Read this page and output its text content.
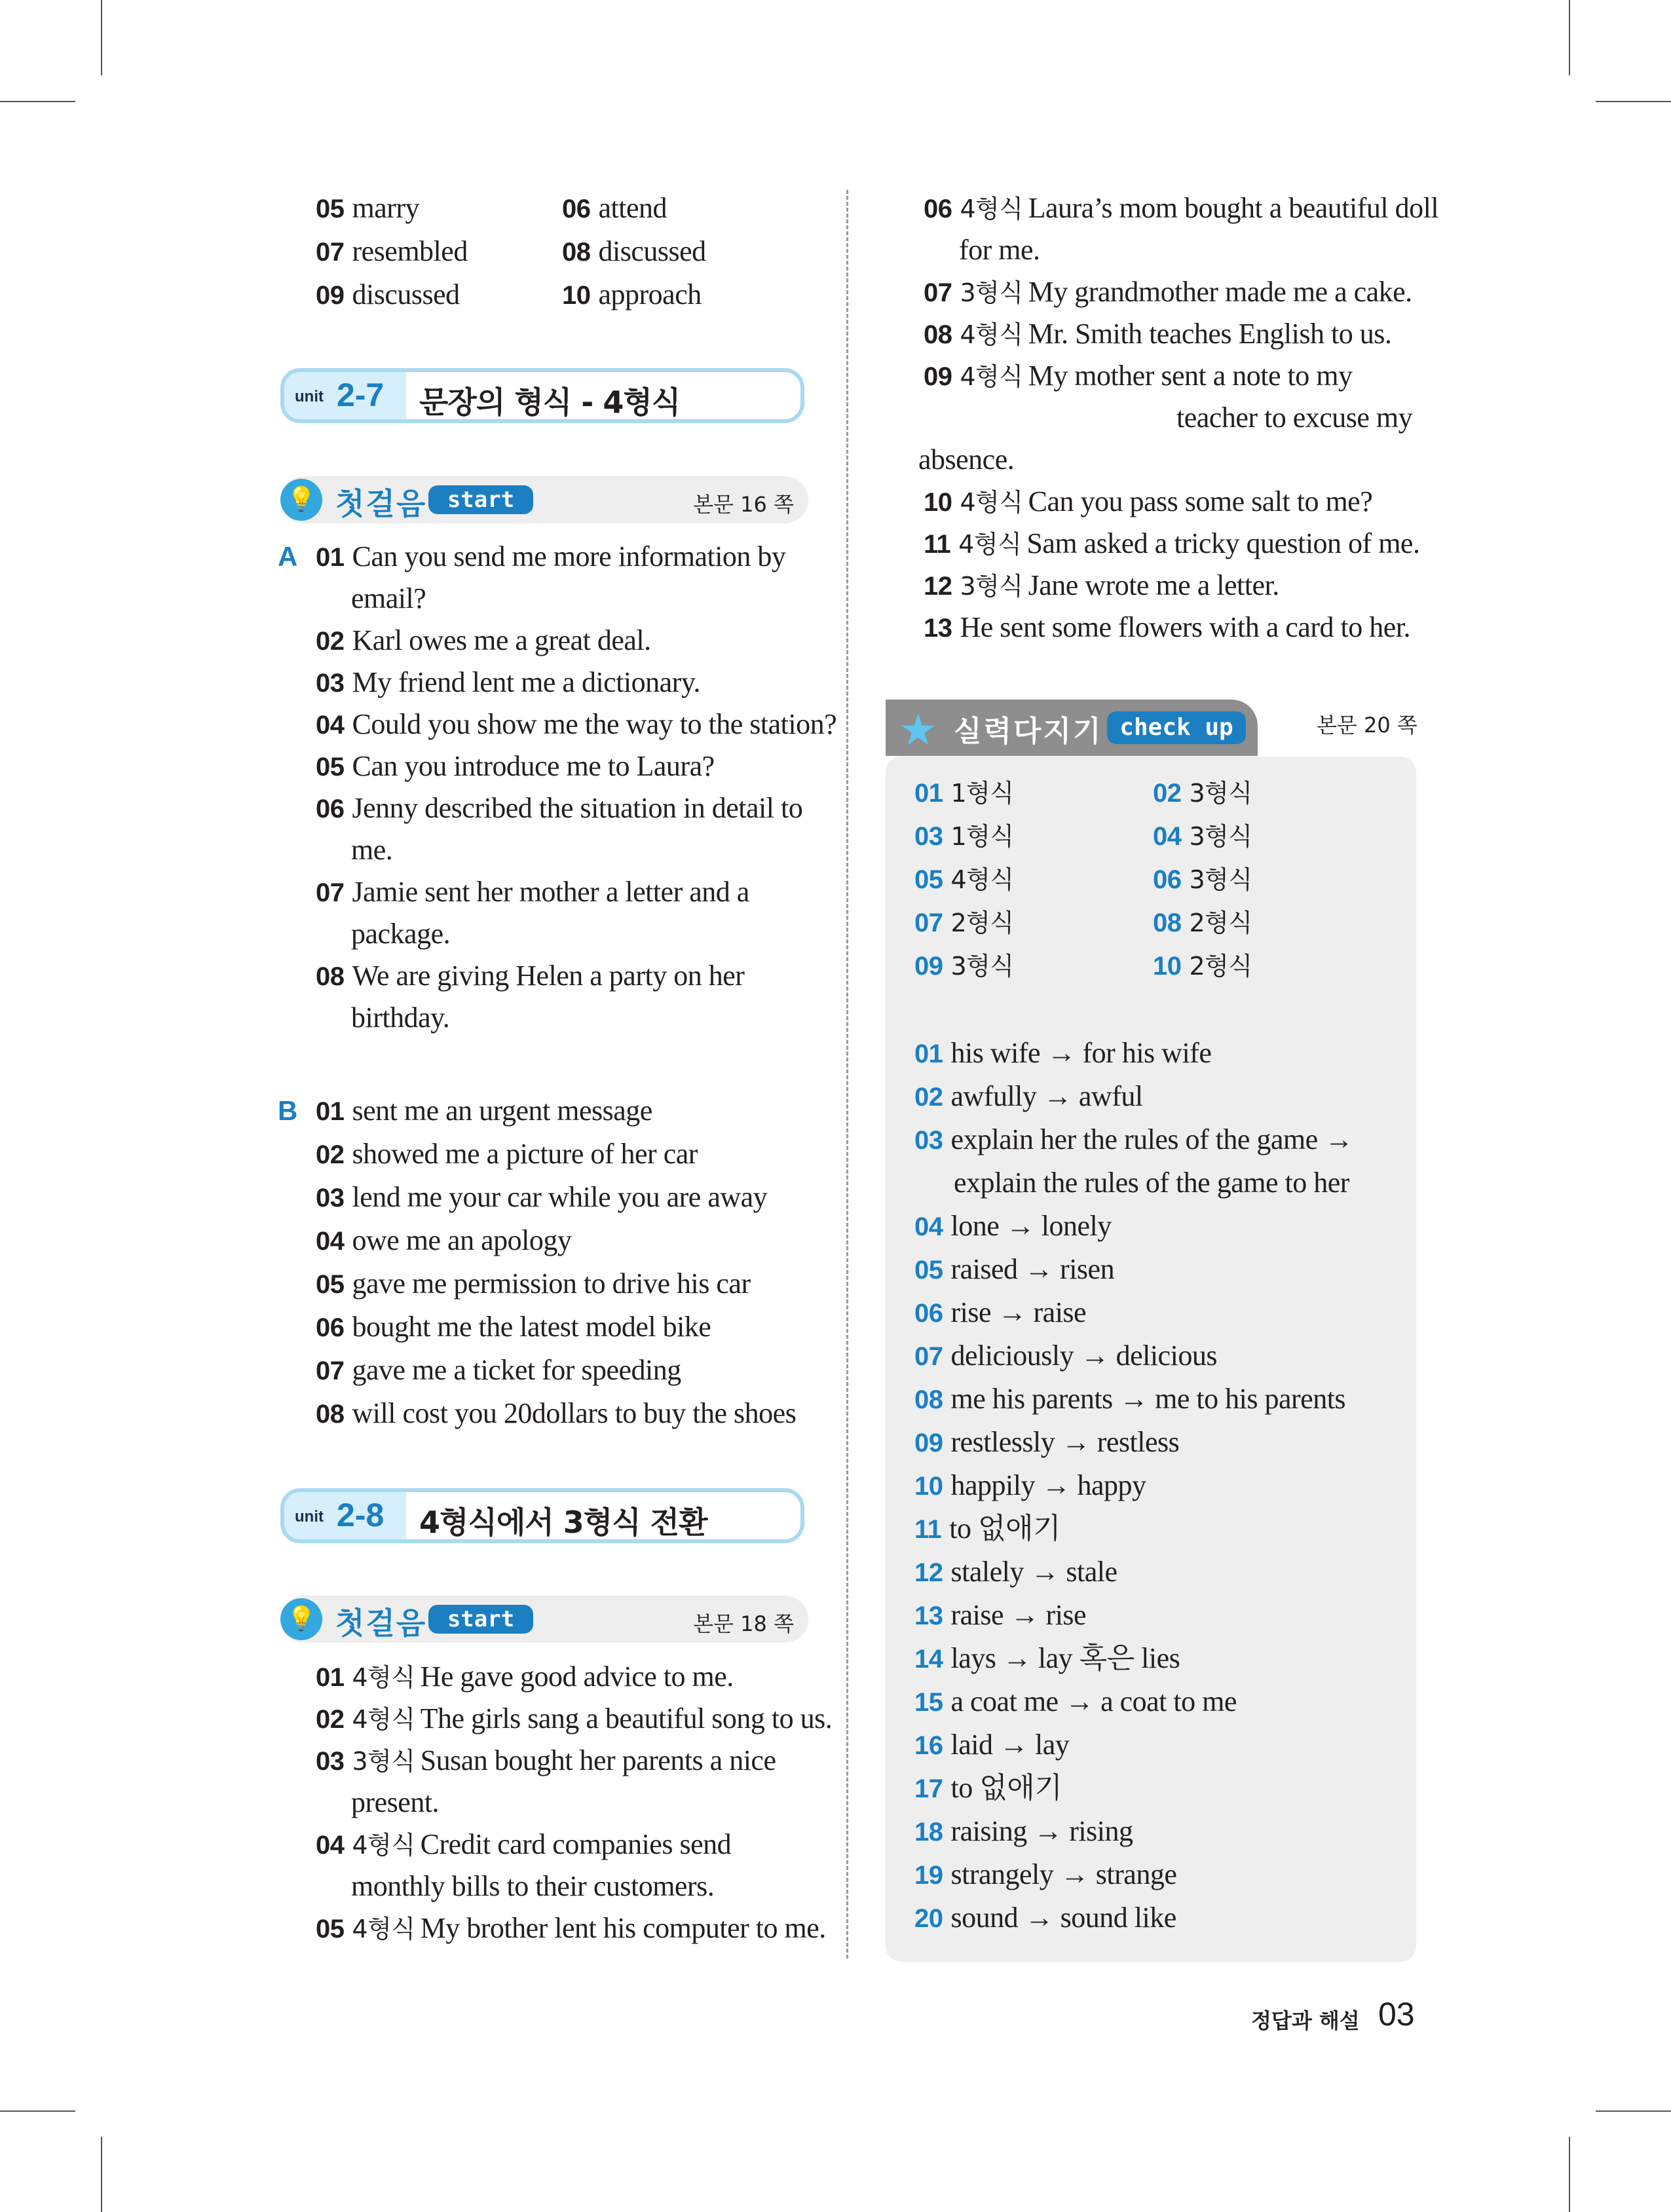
05 marry	06 attend
07 resembled	08 discussed
09 discussed	10 approach
unit 2-7 문장의 형식 - 4형식
💡 첫걸음 start	본문 16 쪽
A 01 Can you send me more information by
email?
02 Karl owes me a great deal.
03 My friend lent me a dictionary.
04 Could you show me the way to the station?
05 Can you introduce me to Laura?
06 Jenny described the situation in detail to
me.
07 Jamie sent her mother a letter and a
package.
08 We are giving Helen a party on her
birthday.
B 01 sent me an urgent message
02 showed me a picture of her car
03 lend me your car while you are away
04 owe me an apology
05 gave me permission to drive his car
06 bought me the latest model bike
07 gave me a ticket for speeding
08 will cost you 20dollars to buy the shoes
unit 2-8 4형식에서 3형식 전환
💡 첫걸음 start	본문 18 쪽
01 4형식 He gave good advice to me.
02 4형식 The girls sang a beautiful song to us.
03 3형식 Susan bought her parents a nice
present.
04 4형식 Credit card companies send
monthly bills to their customers.
05 4형식 My brother lent his computer to me.
06 4형식 Laura’s mom bought a beautiful doll
for me.
07 3형식 My grandmother made me a cake.
08 4형식 Mr. Smith teaches English to us.
09 4형식 My mother sent a note to my
teacher to excuse my
absence.
10 4형식 Can you pass some salt to me?
11 4형식 Sam asked a tricky question of me.
12 3형식 Jane wrote me a letter.
13 He sent some flowers with a card to her.
★ 실력다지기 check up	본문 20 쪽
01 1형식	02 3형식
03 1형식	04 3형식
05 4형식	06 3형식
07 2형식	08 2형식
09 3형식	10 2형식
01 his wife → for his wife
02 awfully → awful
03 explain her the rules of the game →
explain the rules of the game to her
04 lone → lonely
05 raised → risen
06 rise → raise
07 deliciously → delicious
08 me his parents → me to his parents
09 restlessly → restless
10 happily → happy
11 to 없애기
12 stalely → stale
13 raise → rise
14 lays → lay 혹은 lies
15 a coat me → a coat to me
16 laid → lay
17 to 없애기
18 raising → rising
19 strangely → strange
20 sound → sound like
정답과 해설 03
